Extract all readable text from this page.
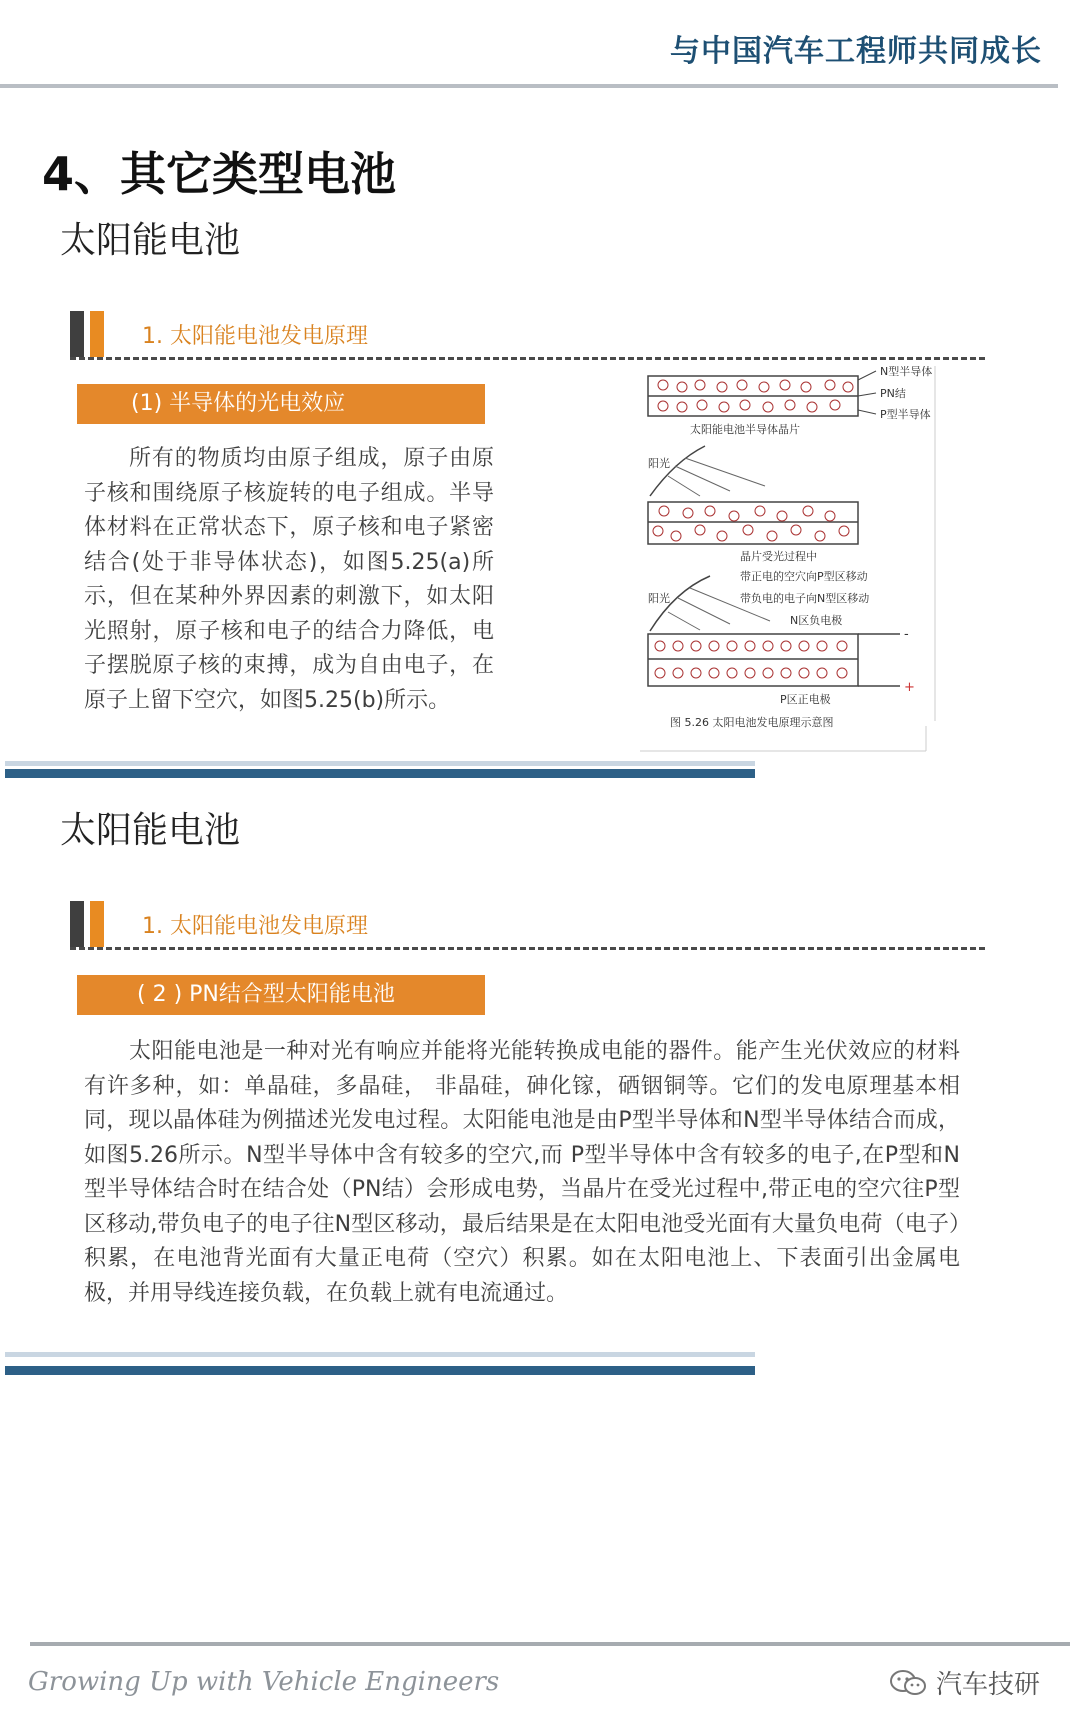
与中国汽车工程师共同成长
4、其它类型电池
太阳能电池
1. 太阳能电池发电原理
(1) 半导体的光电效应

所有的物质均由原子组成，原子由原子核和围绕原子核旋转的电子组成。半导体材料在正常状态下，原子核和电子紧密结合(处于非导体状态)，如图5.25(a)所示，但在某种外界因素的刺激下，如太阳光照射，原子核和电子的结合力降低，电子摆脱原子核的束搏，成为自由电子，在原子上留下空穴，如图5.25(b)所示。

N型半导体
PN结
P型半导体
太阳能电池半导体晶片
阳光
晶片受光过程中
带正电的空穴向P型区移动
带负电的电子向N型区移动
阳光
N区负电极
-
+
P区正电极
图 5.26 太阳电池发电原理示意图
太阳能电池
1. 太阳能电池发电原理
( 2 ) PN结合型太阳能电池

太阳能电池是一种对光有响应并能将光能转换成电能的器件。能产生光伏效应的材料有许多种，如：单晶硅，多晶硅， 非晶硅，砷化镓，硒铟铜等。它们的发电原理基本相同，现以晶体硅为例描述光发电过程。太阳能电池是由P型半导体和N型半导体结合而成，如图5.26所示。N型半导体中含有较多的空穴,而 P型半导体中含有较多的电子,在P型和N型半导体结合时在结合处（PN结）会形成电势，当晶片在受光过程中,带正电的空穴往P型区移动,带负电子的电子往N型区移动，最后结果是在太阳电池受光面有大量负电荷（电子）积累，在电池背光面有大量正电荷（空穴）积累。如在太阳电池上、下表面引出金属电极，并用导线连接负载，在负载上就有电流通过。

Growing Up with Vehicle Engineers	汽车技研
